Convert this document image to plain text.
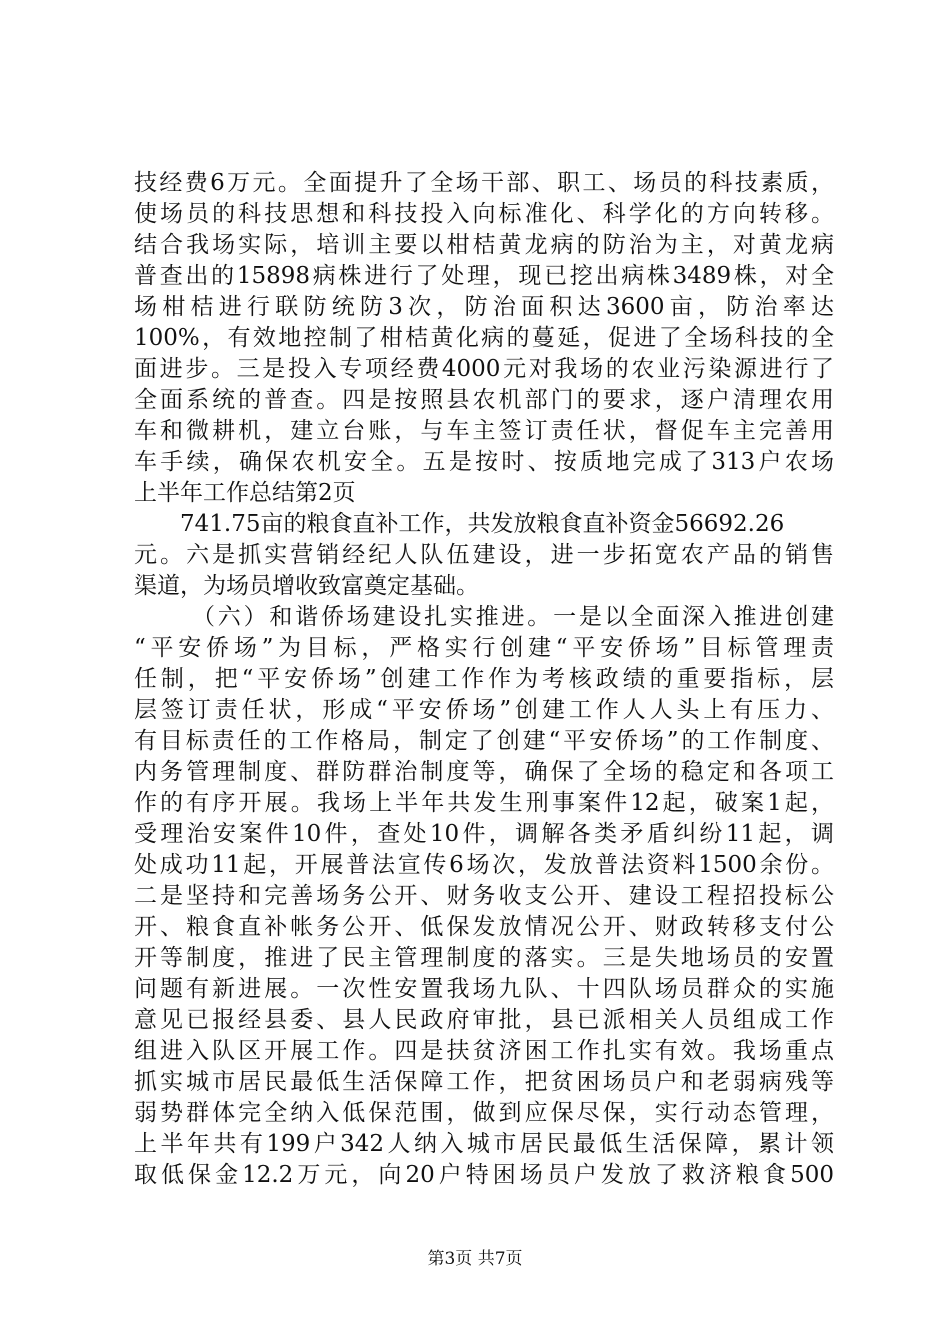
技经费6万元。全面提升了全场干部、职工、场员的科技素质，
使场员的科技思想和科技投入向标准化、科学化的方向转移。
结合我场实际，培训主要以柑桔黄龙病的防治为主，对黄龙病
普查出的15898病株进行了处理，现已挖出病株3489株，对全
场柑桔进行联防统防3次，防治面积达3600亩，防治率达
100%，有效地控制了柑桔黄化病的蔓延，促进了全场科技的全
面进步。三是投入专项经费4000元对我场的农业污染源进行了
全面系统的普查。四是按照县农机部门的要求，逐户清理农用
车和微耕机，建立台账，与车主签订责任状，督促车主完善用
车手续，确保农机安全。五是按时、按质地完成了313户农场
上半年工作总结第2页
741.75亩的粮食直补工作，共发放粮食直补资金56692.26
元。六是抓实营销经纪人队伍建设，进一步拓宽农产品的销售
渠道，为场员增收致富奠定基础。
（六）和谐侨场建设扎实推进。一是以全面深入推进创建
“平安侨场”为目标，严格实行创建“平安侨场”目标管理责
任制，把“平安侨场”创建工作作为考核政绩的重要指标，层
层签订责任状，形成“平安侨场”创建工作人人头上有压力、
有目标责任的工作格局，制定了创建“平安侨场”的工作制度、
内务管理制度、群防群治制度等，确保了全场的稳定和各项工
作的有序开展。我场上半年共发生刑事案件12起，破案1起，
受理治安案件10件，查处10件，调解各类矛盾纠纷11起，调
处成功11起，开展普法宣传6场次，发放普法资料1500余份。
二是坚持和完善场务公开、财务收支公开、建设工程招投标公
开、粮食直补帐务公开、低保发放情况公开、财政转移支付公
开等制度，推进了民主管理制度的落实。三是失地场员的安置
问题有新进展。一次性安置我场九队、十四队场员群众的实施
意见已报经县委、县人民政府审批，县已派相关人员组成工作
组进入队区开展工作。四是扶贫济困工作扎实有效。我场重点
抓实城市居民最低生活保障工作，把贫困场员户和老弱病残等
弱势群体完全纳入低保范围，做到应保尽保，实行动态管理，
上半年共有199户342人纳入城市居民最低生活保障，累计领
取低保金12.2万元，向20户特困场员户发放了救济粮食500
第3页 共7页
